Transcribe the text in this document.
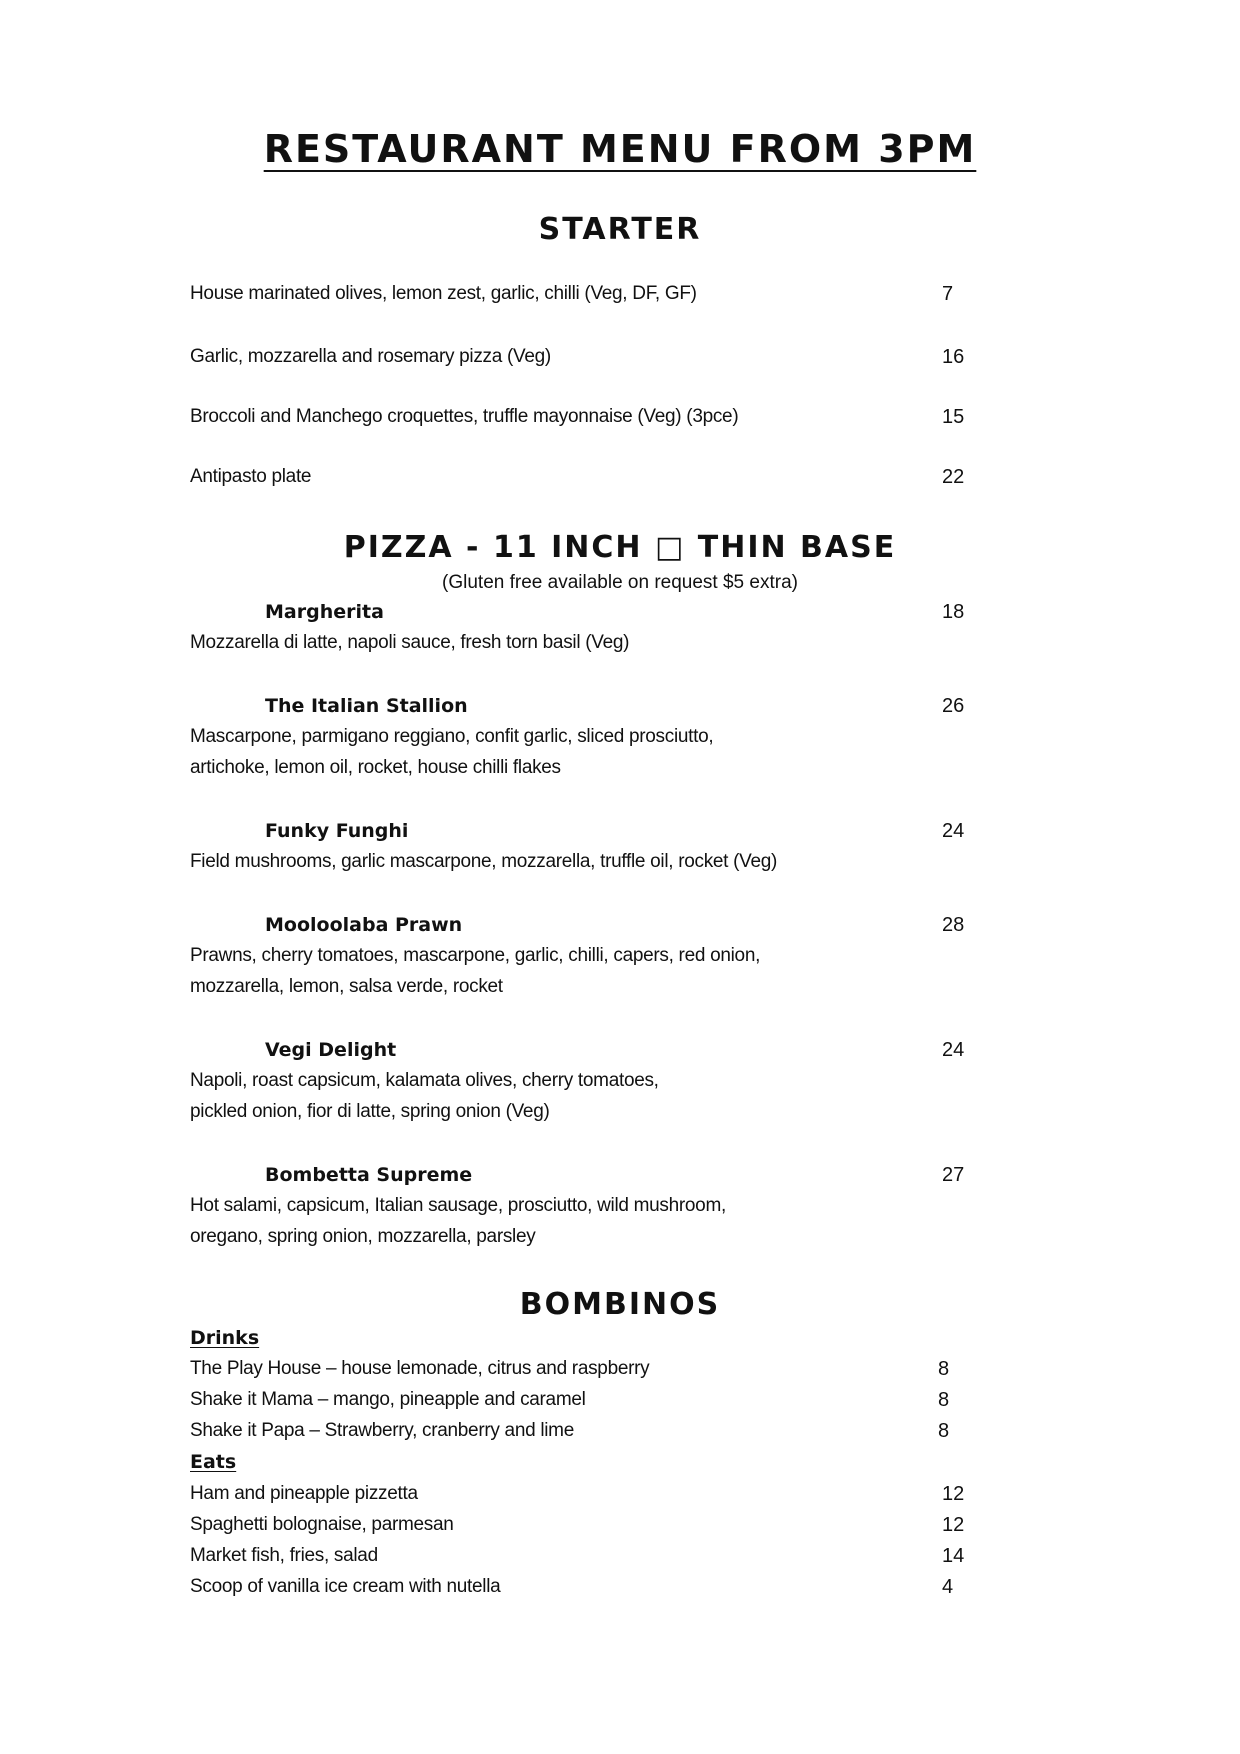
RESTAURANT MENU FROM 3PM
STARTER
House marinated olives, lemon zest, garlic, chilli (Veg, DF, GF)	7
Garlic, mozzarella and rosemary pizza (Veg)	16
Broccoli and Manchego croquettes, truffle mayonnaise (Veg) (3pce)	15
Antipasto plate	22
PIZZA - 11 INCH □ THIN BASE
(Gluten free available on request $5 extra)
Margherita	18
Mozzarella di latte, napoli sauce, fresh torn basil (Veg)
The Italian Stallion	26
Mascarpone, parmigano reggiano, confit garlic, sliced prosciutto,
artichoke, lemon oil, rocket, house chilli flakes
Funky Funghi	24
Field mushrooms, garlic mascarpone, mozzarella, truffle oil, rocket (Veg)
Mooloolaba Prawn	28
Prawns, cherry tomatoes, mascarpone, garlic, chilli, capers, red onion,
mozzarella, lemon, salsa verde, rocket
Vegi Delight	24
Napoli, roast capsicum, kalamata olives, cherry tomatoes,
pickled onion, fior di latte, spring onion (Veg)
Bombetta Supreme	27
Hot salami, capsicum, Italian sausage, prosciutto, wild mushroom,
oregano, spring onion, mozzarella, parsley
BOMBINOS
Drinks
The Play House – house lemonade, citrus and raspberry	8
Shake it Mama – mango, pineapple and caramel	8
Shake it Papa – Strawberry, cranberry and lime	8
Eats
Ham and pineapple pizzetta	12
Spaghetti bolognaise, parmesan	12
Market fish, fries, salad	14
Scoop of vanilla ice cream with nutella	4
